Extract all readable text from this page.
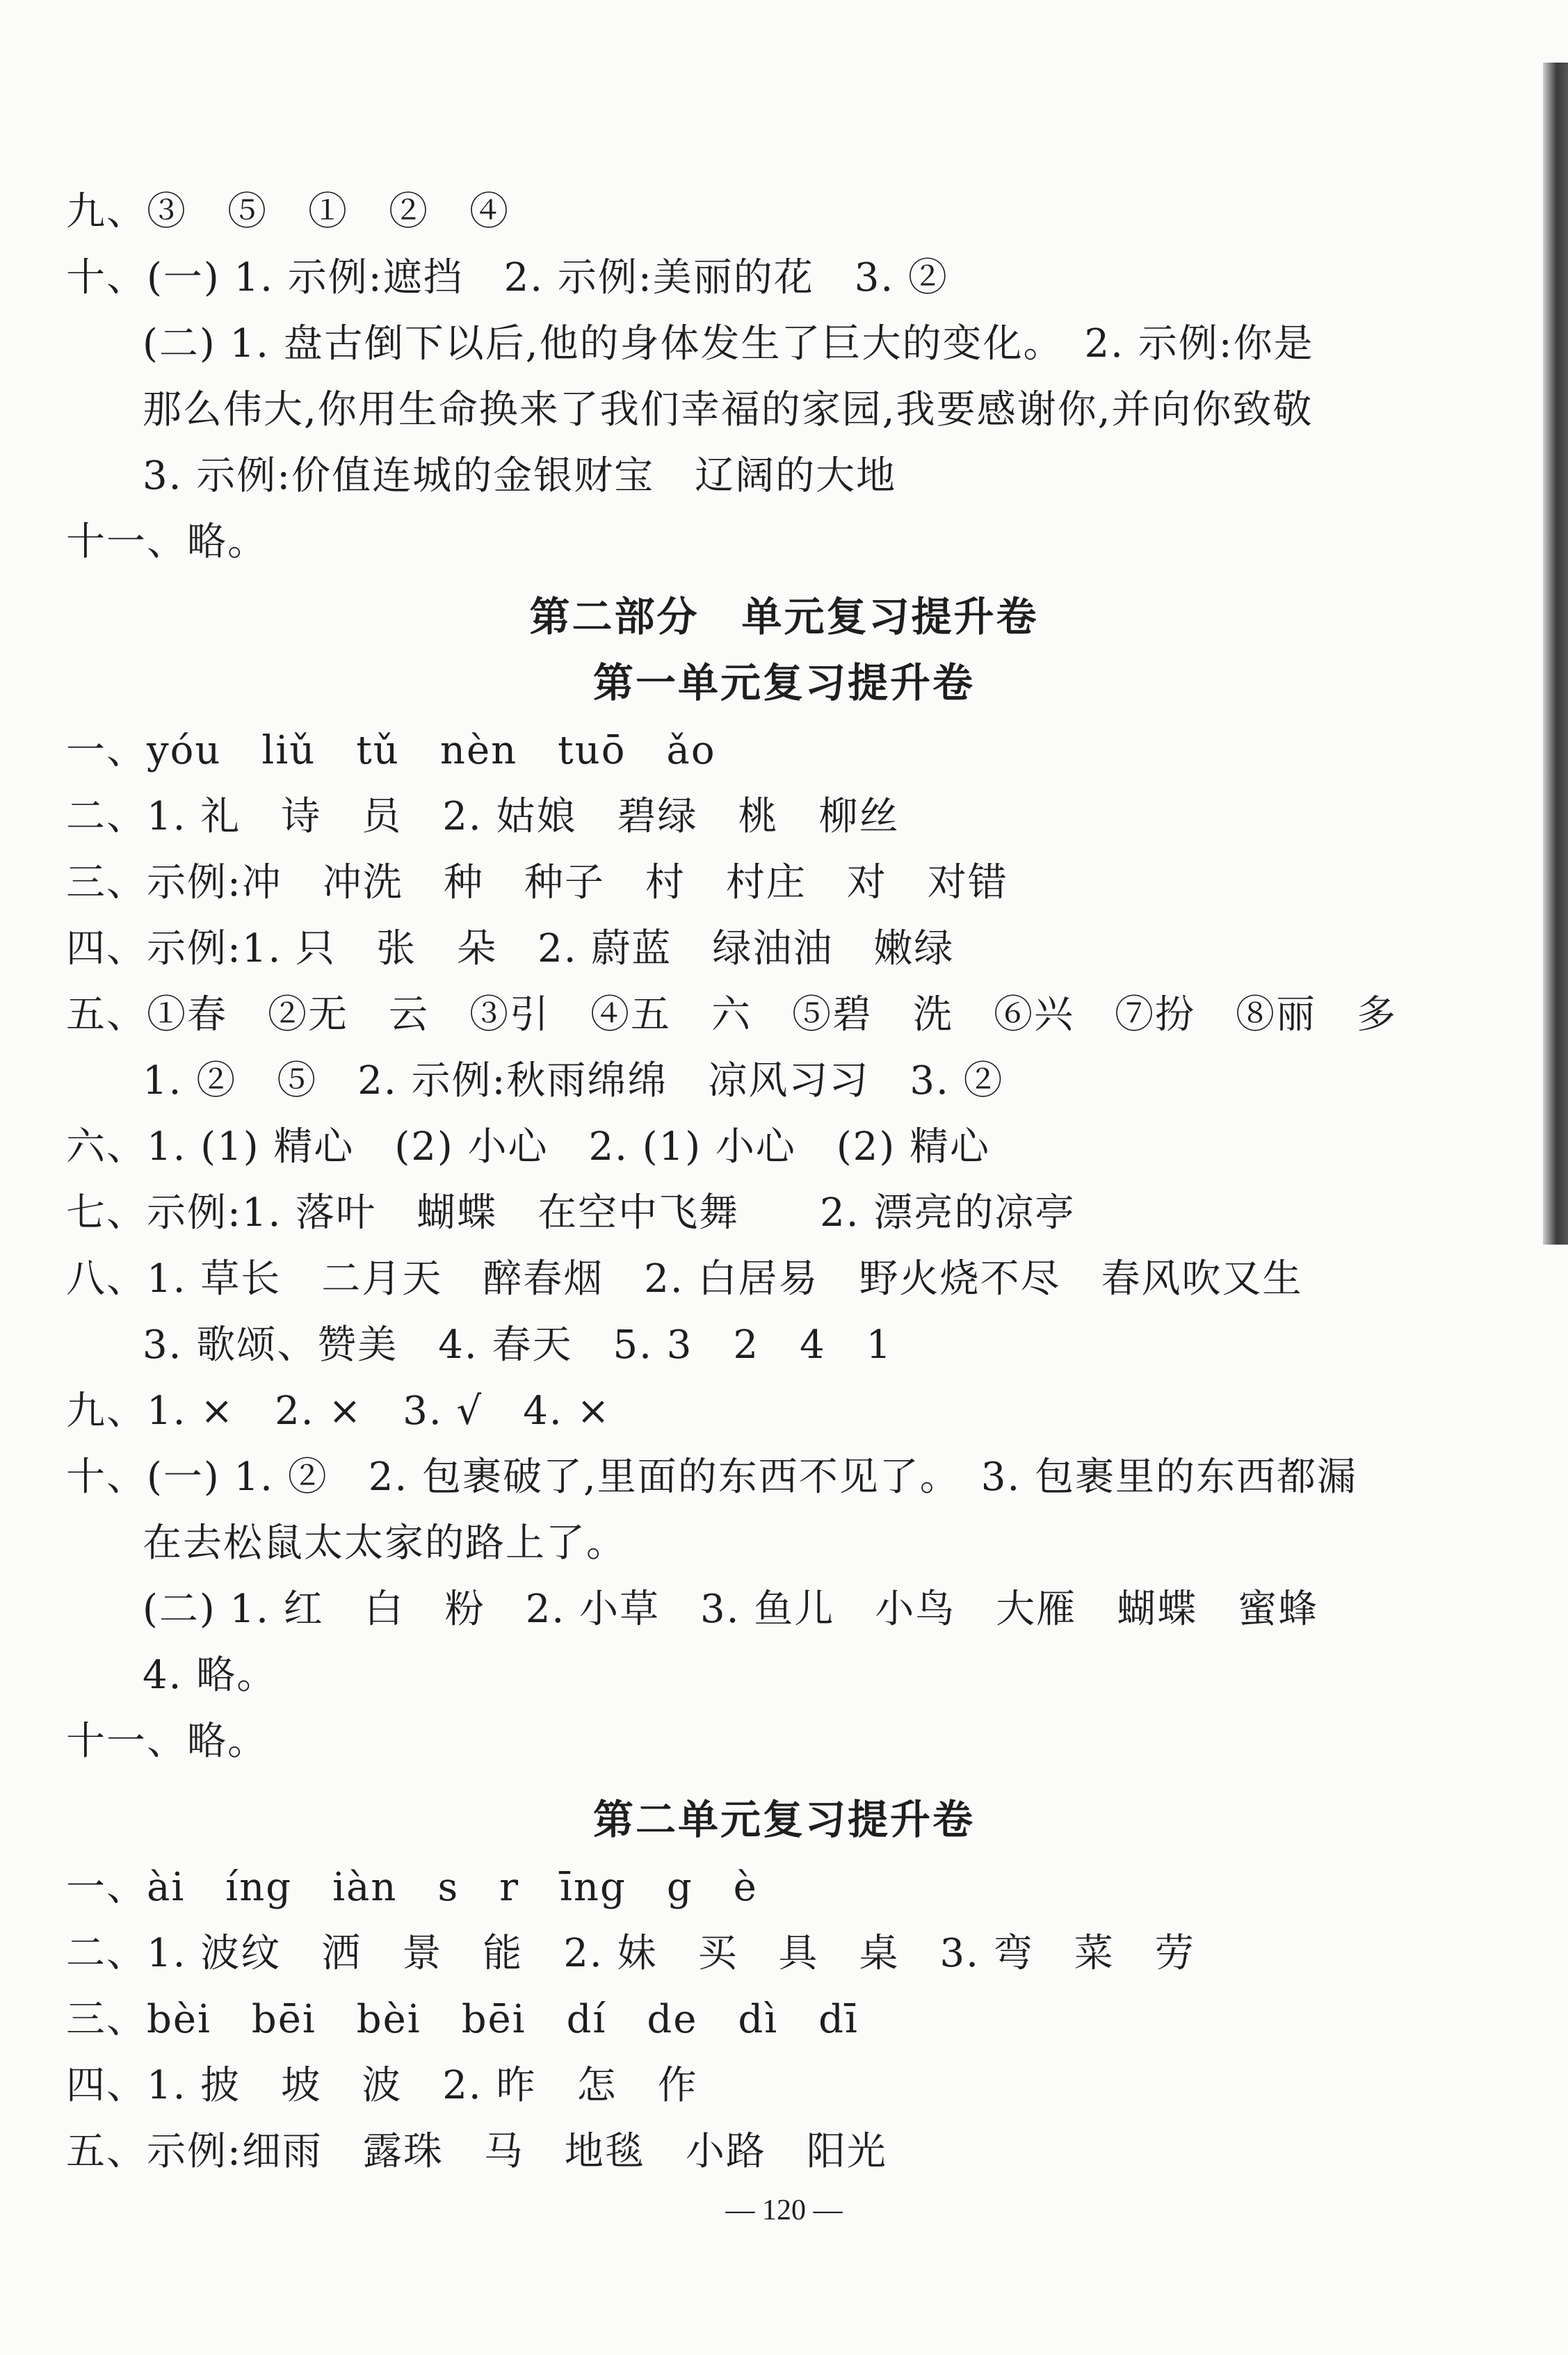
九、③　⑤　①　②　④
十、(一) 1. 示例:遮挡　2. 示例:美丽的花　3. ②
(二) 1. 盘古倒下以后,他的身体发生了巨大的变化。　2. 示例:你是
那么伟大,你用生命换来了我们幸福的家园,我要感谢你,并向你致敬
3. 示例:价值连城的金银财宝　辽阔的大地
十一、略。
第二部分　单元复习提升卷
第一单元复习提升卷
一、yóu　liǔ　tǔ　nèn　tuō　ǎo
二、1. 礼　诗　员　2. 姑娘　碧绿　桃　柳丝
三、示例:冲　冲洗　种　种子　村　村庄　对　对错
四、示例:1. 只　张　朵　2. 蔚蓝　绿油油　嫩绿
五、①春　②无　云　③引　④五　六　⑤碧　洗　⑥兴　⑦扮　⑧丽　多
1. ②　⑤　2. 示例:秋雨绵绵　凉风习习　3. ②
六、1. (1) 精心　(2) 小心　2. (1) 小心　(2) 精心
七、示例:1. 落叶　蝴蝶　在空中飞舞　　2. 漂亮的凉亭
八、1. 草长　二月天　醉春烟　2. 白居易　野火烧不尽　春风吹又生
3. 歌颂、赞美　4. 春天　5. 3　2　4　1
九、1. ×　2. ×　3. √　4. ×
十、(一) 1. ②　2. 包裹破了,里面的东西不见了。　3. 包裹里的东西都漏
在去松鼠太太家的路上了。
(二) 1. 红　白　粉　2. 小草　3. 鱼儿　小鸟　大雁　蝴蝶　蜜蜂
4. 略。
十一、略。
第二单元复习提升卷
一、ài　íng　iàn　s　r　īng　g　è
二、1. 波纹　洒　景　能　2. 妹　买　具　桌　3. 弯　菜　劳
三、bèi　bēi　bèi　bēi　dí　de　dì　dī
四、1. 披　坡　波　2. 昨　怎　作
五、示例:细雨　露珠　马　地毯　小路　阳光
— 120 —
